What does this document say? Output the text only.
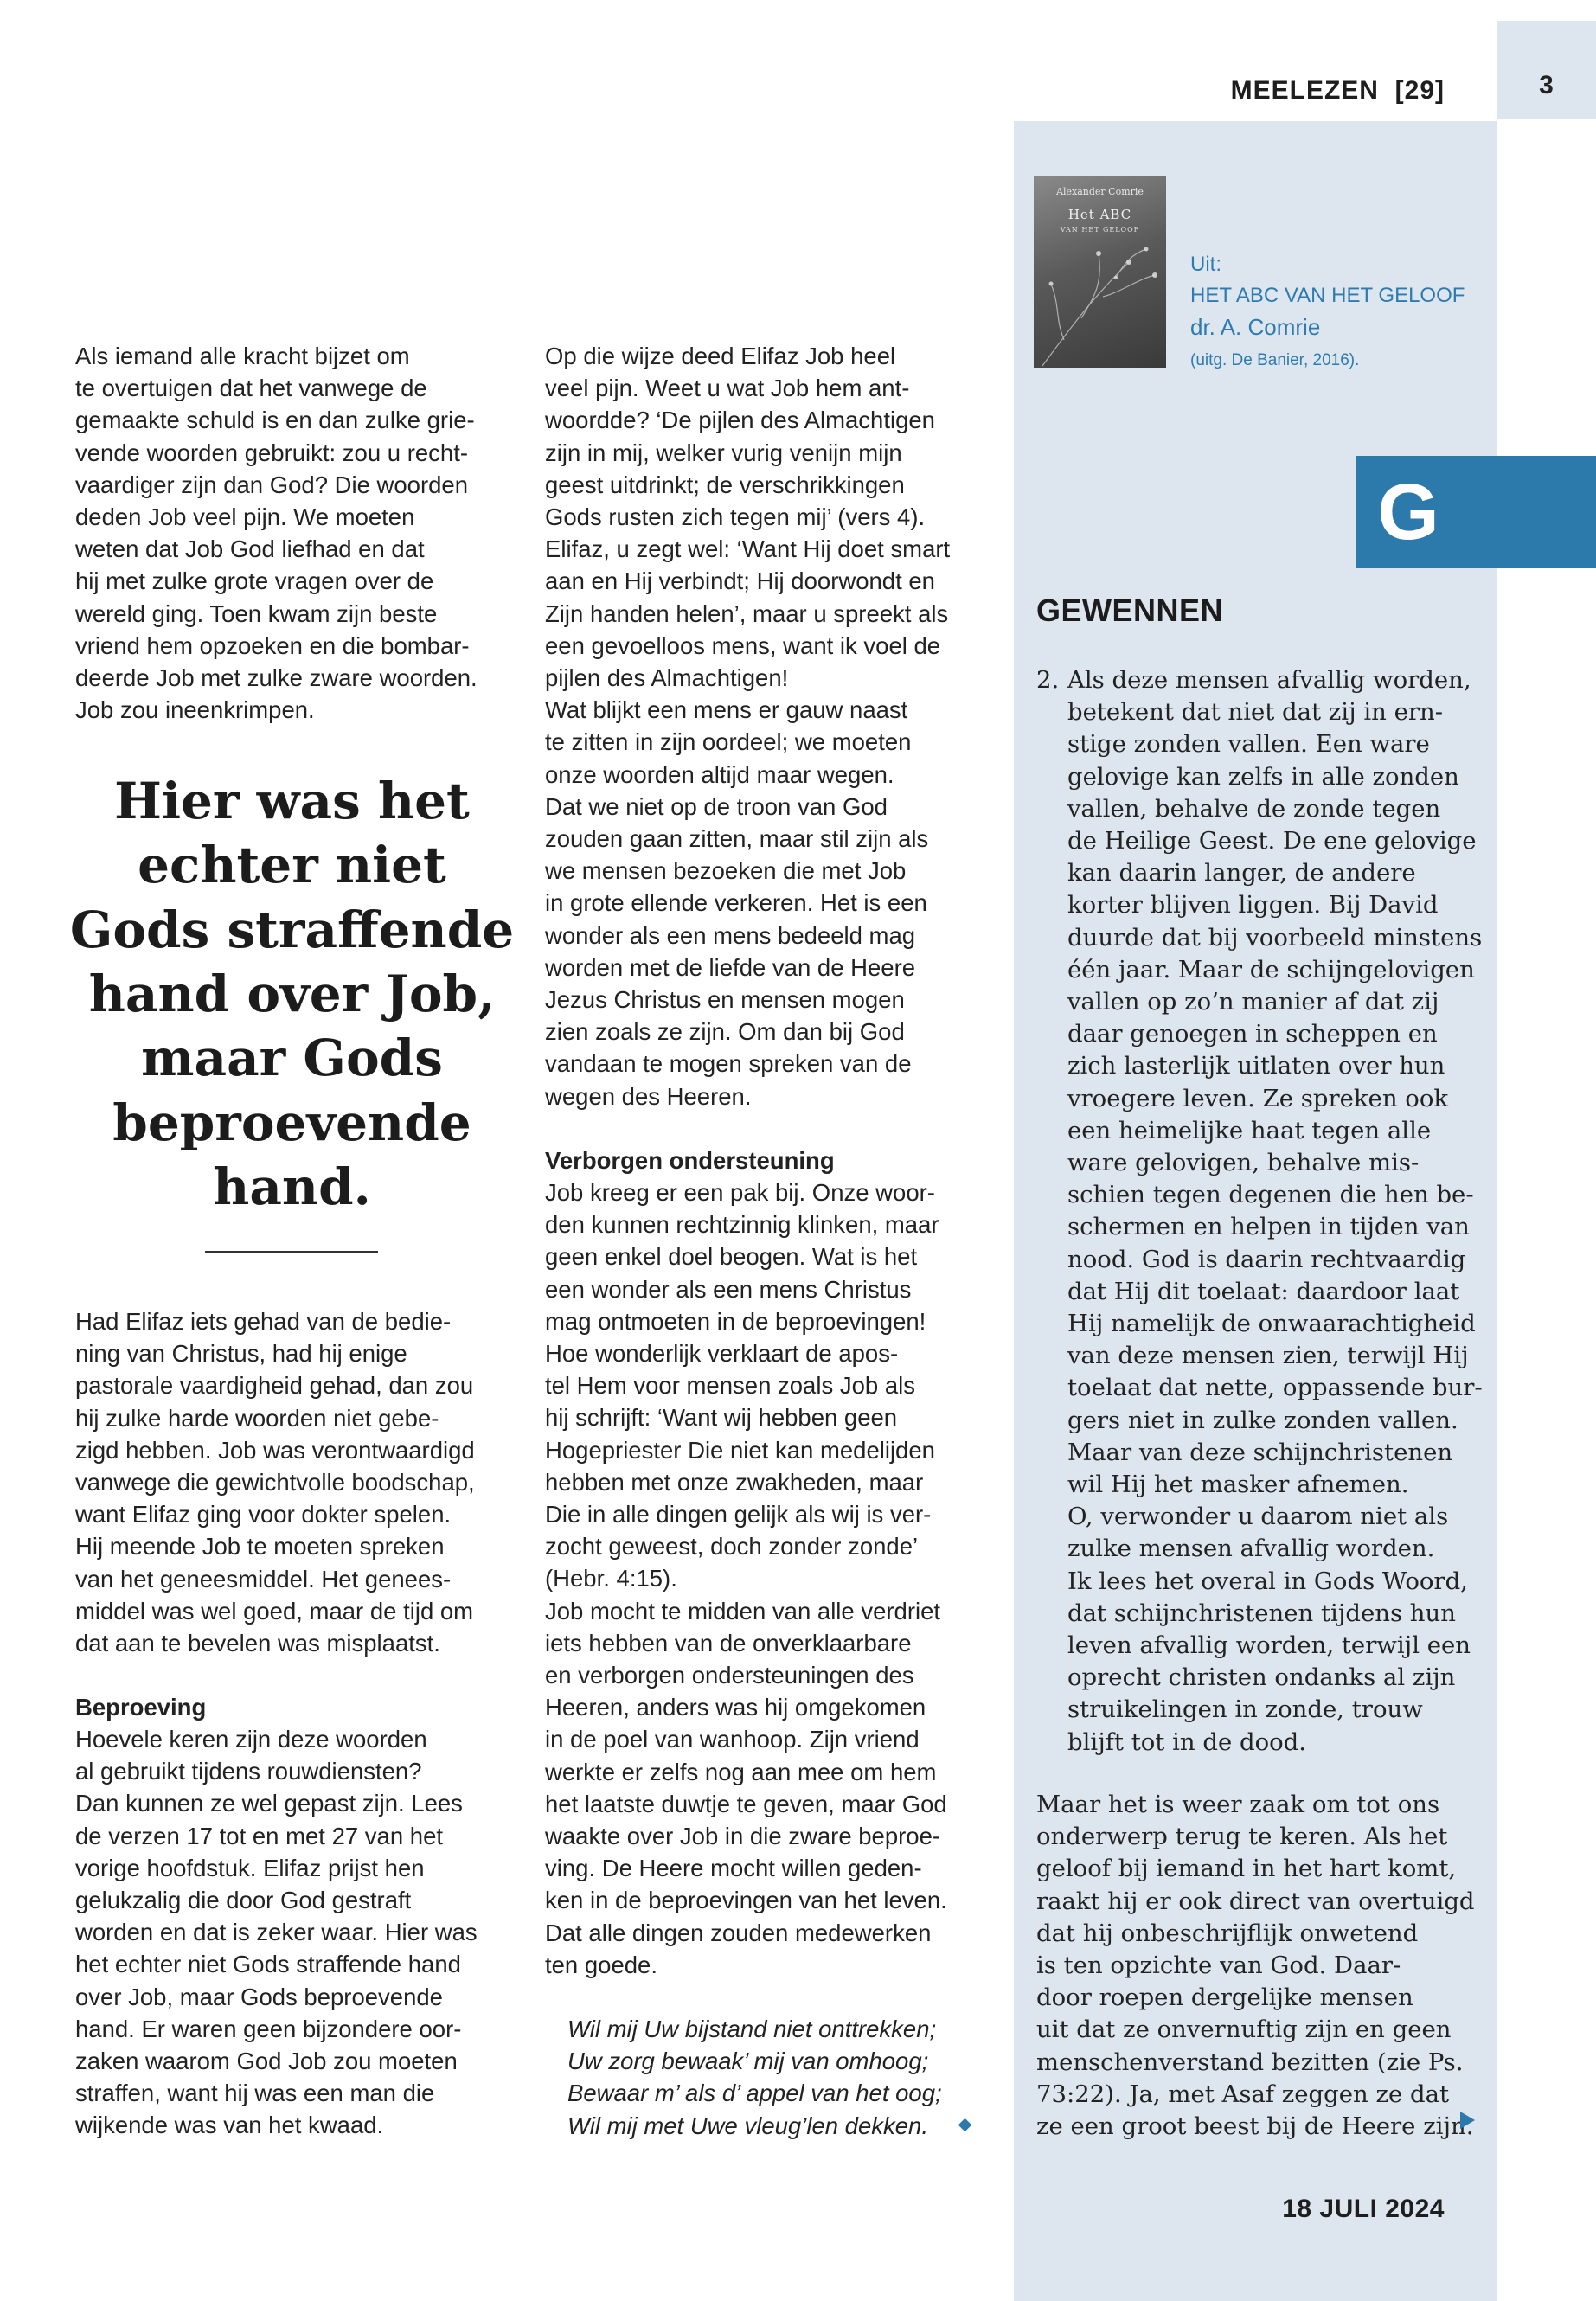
3
MEELEZEN  [29]
Alexander Comrie
Het ABC
VAN HET GELOOF
Uit:
HET ABC VAN HET GELOOF
dr. A. Comrie
(uitg. De Banier, 2016).
G
GEWENNEN
2. Als deze mensen afvallig worden,
betekent dat niet dat zij in ern-
stige zonden vallen. Een ware
gelovige kan zelfs in alle zonden
vallen, behalve de zonde tegen
de Heilige Geest. De ene gelovige
kan daarin langer, de andere
korter blijven liggen. Bij David
duurde dat bij voorbeeld minstens
één jaar. Maar de schijngelovigen
vallen op zo’n manier af dat zij
daar genoegen in scheppen en
zich lasterlijk uitlaten over hun
vroegere leven. Ze spreken ook
een heimelijke haat tegen alle
ware gelovigen, behalve mis-
schien tegen degenen die hen be-
schermen en helpen in tijden van
nood. God is daarin rechtvaardig
dat Hij dit toelaat: daardoor laat
Hij namelijk de onwaarachtigheid
van deze mensen zien, terwijl Hij
toelaat dat nette, oppassende bur-
gers niet in zulke zonden vallen.
Maar van deze schijnchristenen
wil Hij het masker afnemen.
O, verwonder u daarom niet als
zulke mensen afvallig worden.
Ik lees het overal in Gods Woord,
dat schijnchristenen tijdens hun
leven afvallig worden, terwijl een
oprecht christen ondanks al zijn
struikelingen in zonde, trouw
blijft tot in de dood.
Maar het is weer zaak om tot ons
onderwerp terug te keren. Als het
geloof bij iemand in het hart komt,
raakt hij er ook direct van overtuigd
dat hij onbeschrijflijk onwetend
is ten opzichte van God. Daar-
door roepen dergelijke mensen
uit dat ze onvernuftig zijn en geen
menschenverstand bezitten (zie Ps.
73:22). Ja, met Asaf zeggen ze dat
ze een groot beest bij de Heere zijn.
18 JULI 2024
Als iemand alle kracht bijzet om
te overtuigen dat het vanwege de
gemaakte schuld is en dan zulke grie-
vende woorden gebruikt: zou u recht-
vaardiger zijn dan God? Die woorden
deden Job veel pijn. We moeten
weten dat Job God liefhad en dat
hij met zulke grote vragen over de
wereld ging. Toen kwam zijn beste
vriend hem opzoeken en die bombar-
deerde Job met zulke zware woorden.
Job zou ineenkrimpen.
Had Elifaz iets gehad van de bedie-
ning van Christus, had hij enige
pastorale vaardigheid gehad, dan zou
hij zulke harde woorden niet gebe-
zigd hebben. Job was verontwaardigd
vanwege die gewichtvolle boodschap,
want Elifaz ging voor dokter spelen.
Hij meende Job te moeten spreken
van het geneesmiddel. Het genees-
middel was wel goed, maar de tijd om
dat aan te bevelen was misplaatst.
Beproeving
Hoevele keren zijn deze woorden
al gebruikt tijdens rouwdiensten?
Dan kunnen ze wel gepast zijn. Lees
de verzen 17 tot en met 27 van het
vorige hoofdstuk. Elifaz prijst hen
gelukzalig die door God gestraft
worden en dat is zeker waar. Hier was
het echter niet Gods straffende hand
over Job, maar Gods beproevende
hand. Er waren geen bijzondere oor-
zaken waarom God Job zou moeten
straffen, want hij was een man die
wijkende was van het kwaad.
Op die wijze deed Elifaz Job heel
veel pijn. Weet u wat Job hem ant-
woordde? ‘De pijlen des Almachtigen
zijn in mij, welker vurig venijn mijn
geest uitdrinkt; de verschrikkingen
Gods rusten zich tegen mij’ (vers 4).
Elifaz, u zegt wel: ‘Want Hij doet smart
aan en Hij verbindt; Hij doorwondt en
Zijn handen helen’, maar u spreekt als
een gevoelloos mens, want ik voel de
pijlen des Almachtigen!
Wat blijkt een mens er gauw naast
te zitten in zijn oordeel; we moeten
onze woorden altijd maar wegen.
Dat we niet op de troon van God
zouden gaan zitten, maar stil zijn als
we mensen bezoeken die met Job
in grote ellende verkeren. Het is een
wonder als een mens bedeeld mag
worden met de liefde van de Heere
Jezus Christus en mensen mogen
zien zoals ze zijn. Om dan bij God
vandaan te mogen spreken van de
wegen des Heeren.
Verborgen ondersteuning
Job kreeg er een pak bij. Onze woor-
den kunnen rechtzinnig klinken, maar
geen enkel doel beogen. Wat is het
een wonder als een mens Christus
mag ontmoeten in de beproevingen!
Hoe wonderlijk verklaart de apos-
tel Hem voor mensen zoals Job als
hij schrijft: ‘Want wij hebben geen
Hogepriester Die niet kan medelijden
hebben met onze zwakheden, maar
Die in alle dingen gelijk als wij is ver-
zocht geweest, doch zonder zonde’
(Hebr. 4:15).
Job mocht te midden van alle verdriet
iets hebben van de onverklaarbare
en verborgen ondersteuningen des
Heeren, anders was hij omgekomen
in de poel van wanhoop. Zijn vriend
werkte er zelfs nog aan mee om hem
het laatste duwtje te geven, maar God
waakte over Job in die zware beproe-
ving. De Heere mocht willen geden-
ken in de beproevingen van het leven.
Dat alle dingen zouden medewerken
ten goede.
Wil mij Uw bijstand niet onttrekken;
Uw zorg bewaak’ mij van omhoog;
Bewaar m’ als d’ appel van het oog;
Wil mij met Uwe vleug’len dekken.
Hier was het
echter niet
Gods straffende
hand over Job,
maar Gods
beproevende
hand.
